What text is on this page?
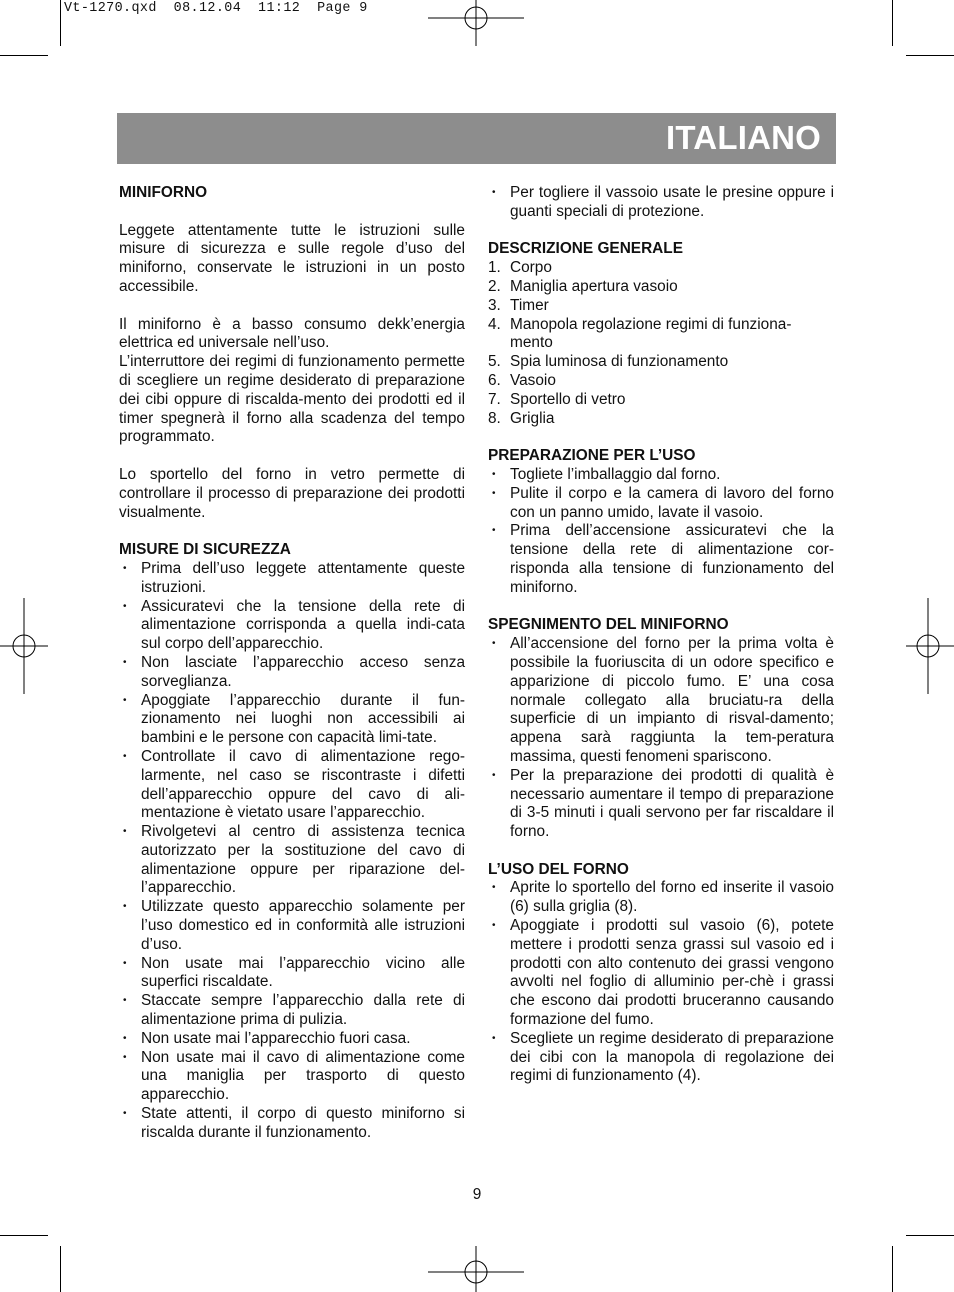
Vt-1270.qxd  08.12.04  11:12  Page 9
ITALIANO
MINIFORNO
Leggete attentamente tutte le istruzioni sulle misure di sicurezza e sulle regole d’uso del miniforno, conservate le istruzioni in un posto accessibile.
Il miniforno è a basso consumo dekk’energia elettrica ed universale nell’uso.
L’interruttore dei regimi di funzionamento permette di scegliere un regime desiderato di preparazione dei cibi oppure di riscalda-mento dei prodotti ed il timer spegnerà il forno alla scadenza del tempo programmato.
Lo sportello del forno in vetro permette di controllare il processo di preparazione dei prodotti visualmente.
MISURE DI SICUREZZA
• Prima dell’uso leggete attentamente queste istruzioni.
• Assicuratevi che la tensione della rete di alimentazione corrisponda a quella indi-cata sul corpo dell’apparecchio.
• Non lasciate l’apparecchio acceso senza sorveglianza.
• Apoggiate l’apparecchio durante il fun-zionamento nei luoghi non accessibili ai bambini e le persone con capacità limi-tate.
• Controllate il cavo di alimentazione rego-larmente, nel caso se riscontraste i difetti dell’apparecchio oppure del cavo di ali-mentazione è vietato usare l’apparecchio.
• Rivolgetevi al centro di assistenza tecnica autorizzato per la sostituzione del cavo di alimentazione oppure per riparazione del-l’apparecchio.
• Utilizzate questo apparecchio solamente per l’uso domestico ed in conformità alle istruzioni d’uso.
• Non usate mai l’apparecchio vicino alle superfici riscaldate.
• Staccate sempre l’apparecchio dalla rete di alimentazione prima di pulizia.
• Non usate mai l’apparecchio fuori casa.
• Non usate mai il cavo di alimentazione come una maniglia per trasporto di questo apparecchio.
• State attenti, il corpo di questo miniforno si riscalda durante il funzionamento.
• Per togliere il vassoio usate le presine oppure i guanti speciali di protezione.
DESCRIZIONE GENERALE
1. Corpo
2. Maniglia apertura vasoio
3. Timer
4. Manopola regolazione regimi di funziona-mento
5. Spia luminosa di funzionamento
6. Vasoio
7. Sportello di vetro
8. Griglia
PREPARAZIONE PER L’USO
• Togliete l’imballaggio dal forno.
• Pulite il corpo e la camera di lavoro del forno con un panno umido, lavate il vasoio.
• Prima dell’accensione assicuratevi che la tensione della rete di alimentazione cor-risponda alla tensione di funzionamento del miniforno.
SPEGNIMENTO DEL MINIFORNO
• All’accensione del forno per la prima volta è possibile la fuoriuscita di un odore specifico e apparizione di piccolo fumo. E’ una cosa normale collegato alla bruciatu-ra della superficie di un impianto di risval-damento; appena sarà raggiunta la tem-peratura massima, questi fenomeni spariscono.
• Per la preparazione dei prodotti di qualità è necessario aumentare il tempo di preparazione di 3-5 minuti i quali servono per far riscaldare il forno.
L’USO DEL FORNO
• Aprite lo sportello del forno ed inserite il vasoio (6) sulla griglia (8).
• Apoggiate i prodotti sul vasoio (6), potete mettere i prodotti senza grassi sul vasoio ed i prodotti con alto contenuto dei grassi vengono avvolti nel foglio di alluminio per-chè i grassi che escono dai prodotti bruceranno causando formazione del fumo.
• Scegliete un regime desiderato di preparazione dei cibi con la manopola di regolazione dei regimi di funzionamento (4).
9
